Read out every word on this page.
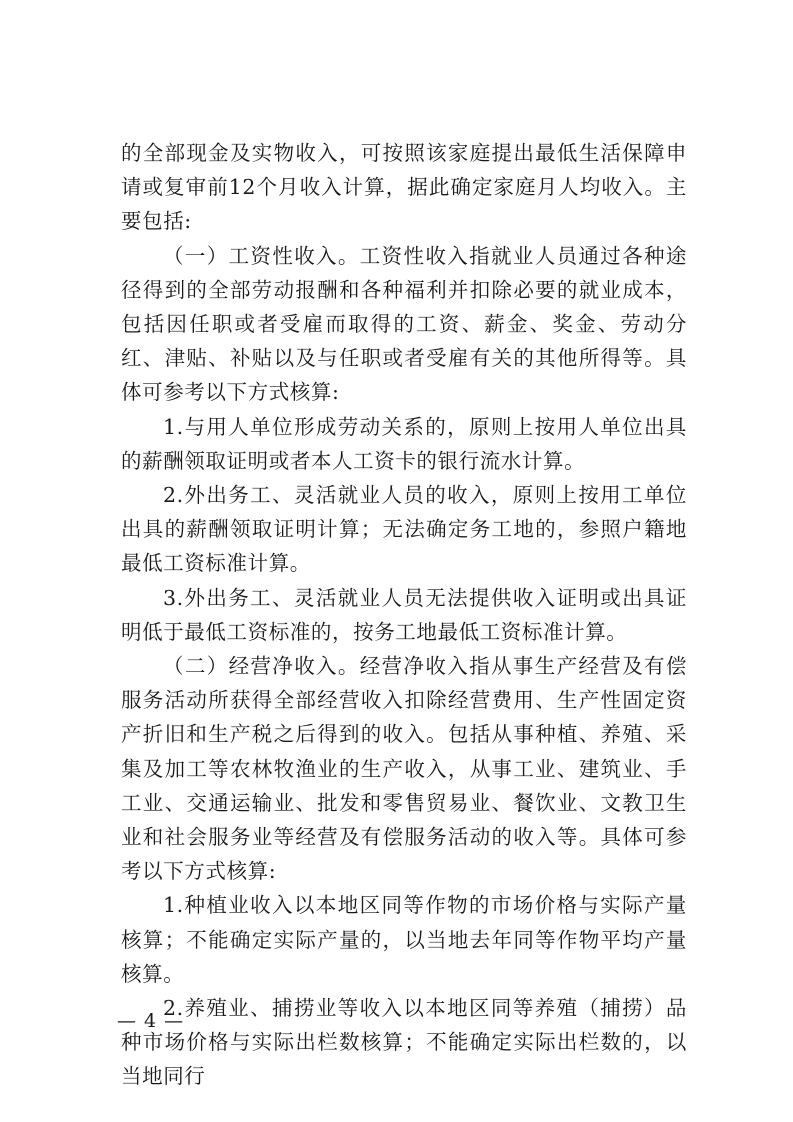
的全部现金及实物收入，可按照该家庭提出最低生活保障申请或复审前12个月收入计算，据此确定家庭月人均收入。主要包括:

（一）工资性收入。工资性收入指就业人员通过各种途径得到的全部劳动报酬和各种福利并扣除必要的就业成本，包括因任职或者受雇而取得的工资、薪金、奖金、劳动分红、津贴、补贴以及与任职或者受雇有关的其他所得等。具体可参考以下方式核算:

1.与用人单位形成劳动关系的，原则上按用人单位出具的薪酬领取证明或者本人工资卡的银行流水计算。

2.外出务工、灵活就业人员的收入，原则上按用工单位出具的薪酬领取证明计算；无法确定务工地的，参照户籍地最低工资标准计算。

3.外出务工、灵活就业人员无法提供收入证明或出具证明低于最低工资标准的，按务工地最低工资标准计算。

（二）经营净收入。经营净收入指从事生产经营及有偿服务活动所获得全部经营收入扣除经营费用、生产性固定资产折旧和生产税之后得到的收入。包括从事种植、养殖、采集及加工等农林牧渔业的生产收入，从事工业、建筑业、手工业、交通运输业、批发和零售贸易业、餐饮业、文教卫生业和社会服务业等经营及有偿服务活动的收入等。具体可参考以下方式核算:

1.种植业收入以本地区同等作物的市场价格与实际产量核算；不能确定实际产量的，以当地去年同等作物平均产量核算。

2.养殖业、捕捞业等收入以本地区同等养殖（捕捞）品种市场价格与实际出栏数核算；不能确定实际出栏数的，以当地同行

— 4 —
